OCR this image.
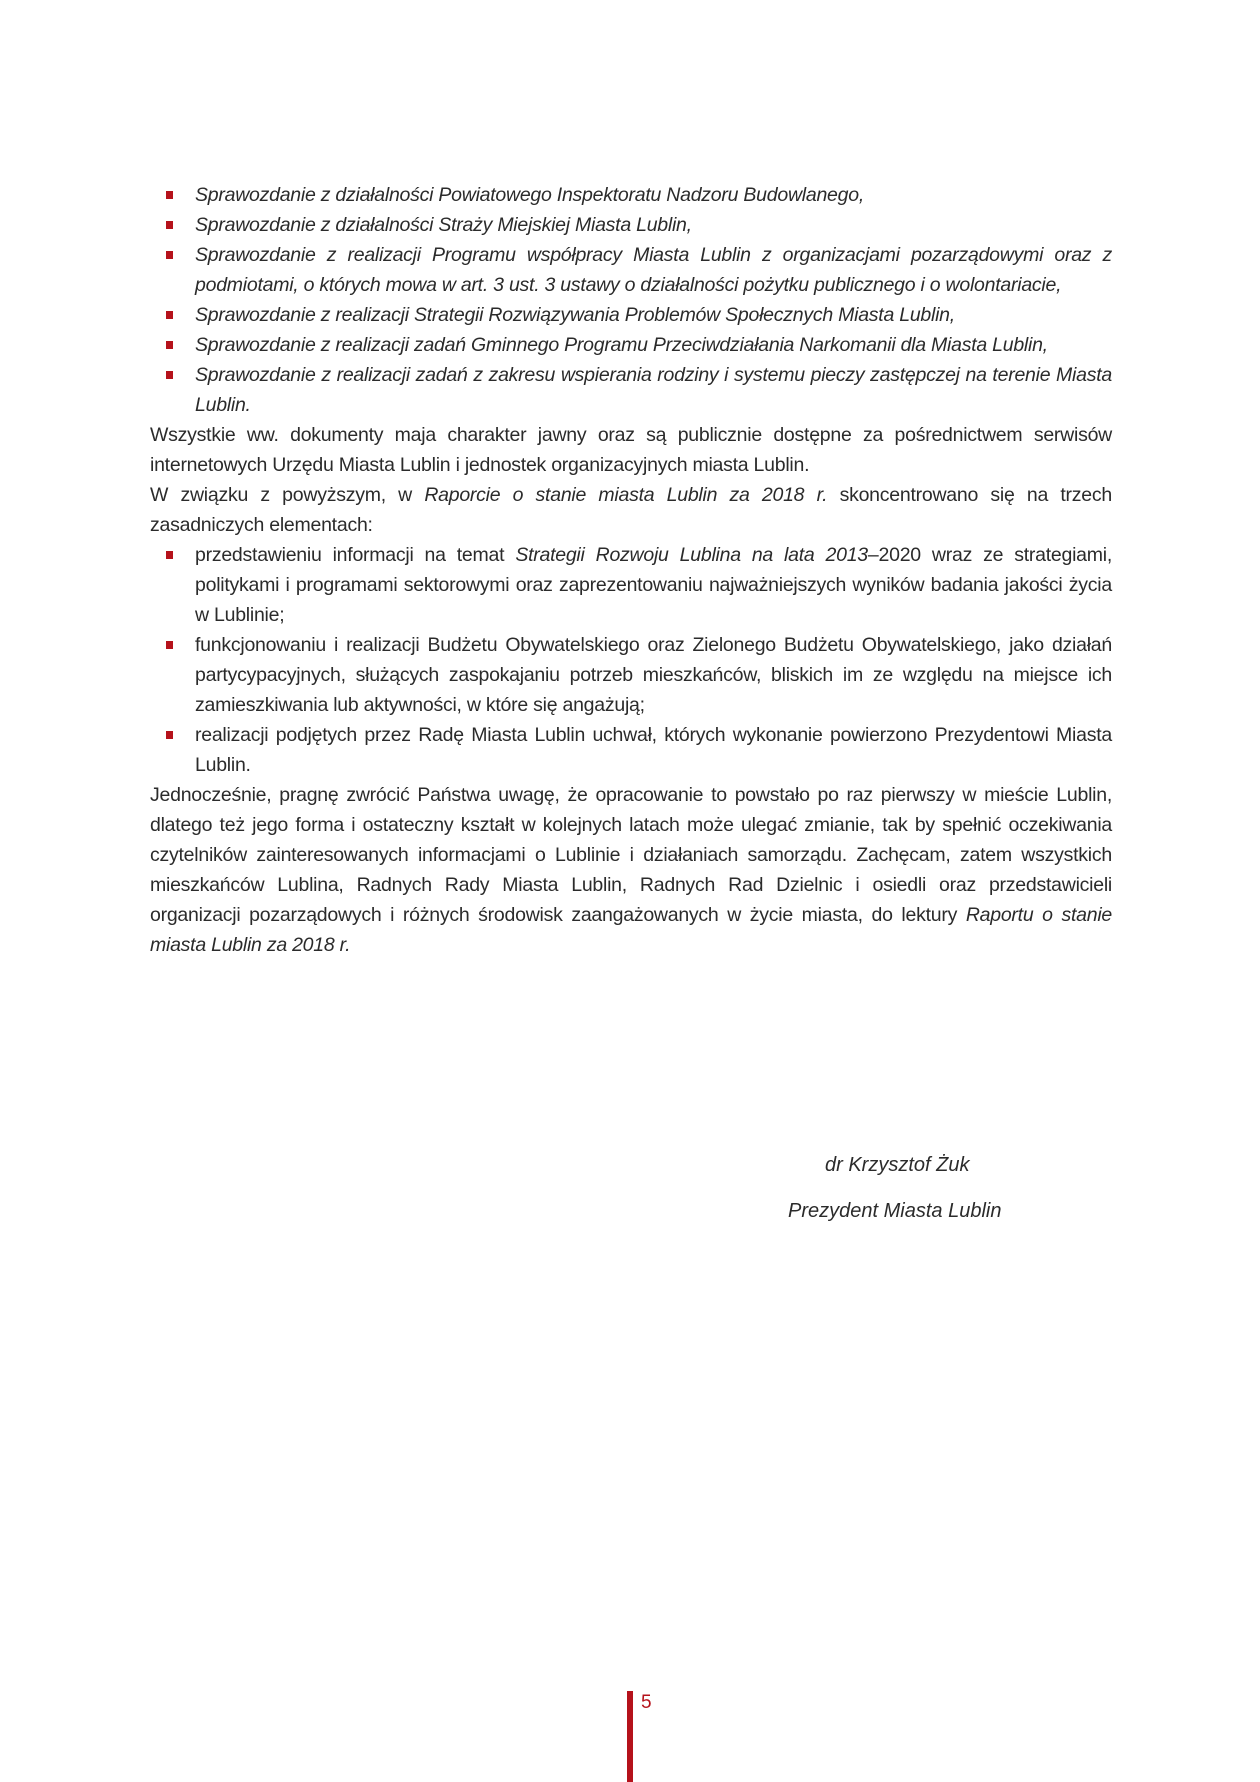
Sprawozdanie z działalności Powiatowego Inspektoratu Nadzoru Budowlanego,
Sprawozdanie z działalności Straży Miejskiej Miasta Lublin,
Sprawozdanie z realizacji Programu współpracy Miasta Lublin z organizacjami pozarządowymi oraz z podmiotami, o których mowa w art. 3 ust. 3 ustawy o działalności pożytku publicznego i o wolontariacie,
Sprawozdanie z realizacji Strategii Rozwiązywania Problemów Społecznych Miasta Lublin,
Sprawozdanie z realizacji zadań Gminnego Programu Przeciwdziałania Narkomanii dla Miasta Lublin,
Sprawozdanie z realizacji zadań z zakresu wspierania rodziny i systemu pieczy zastępczej na terenie Miasta Lublin.

Wszystkie ww. dokumenty maja charakter jawny oraz są publicznie dostępne za pośrednictwem serwisów internetowych Urzędu Miasta Lublin i jednostek organizacyjnych miasta Lublin.

W związku z powyższym, w Raporcie o stanie miasta Lublin za 2018 r. skoncentrowano się na trzech zasadniczych elementach:

przedstawieniu informacji na temat Strategii Rozwoju Lublina na lata 2013–2020 wraz ze strategiami, politykami i programami sektorowymi oraz zaprezentowaniu najważniejszych wyników badania jakości życia w Lublinie;
funkcjonowaniu i realizacji Budżetu Obywatelskiego oraz Zielonego Budżetu Obywatelskiego, jako działań partycypacyjnych, służących zaspokajaniu potrzeb mieszkańców, bliskich im ze względu na miejsce ich zamieszkiwania lub aktywności, w które się angażują;
realizacji podjętych przez Radę Miasta Lublin uchwał, których wykonanie powierzono Prezydentowi Miasta Lublin.

Jednocześnie, pragnę zwrócić Państwa uwagę, że opracowanie to powstało po raz pierwszy w mieście Lublin, dlatego też jego forma i ostateczny kształt w kolejnych latach może ulegać zmianie, tak by spełnić oczekiwania czytelników zainteresowanych informacjami o Lublinie i działaniach samorządu. Zachęcam, zatem wszystkich mieszkańców Lublina, Radnych Rady Miasta Lublin, Radnych Rad Dzielnic i osiedli oraz przedstawicieli organizacji pozarządowych i różnych środowisk zaangażowanych w życie miasta, do lektury Raportu o stanie miasta Lublin za 2018 r.

dr Krzysztof Żuk
Prezydent Miasta Lublin
5
